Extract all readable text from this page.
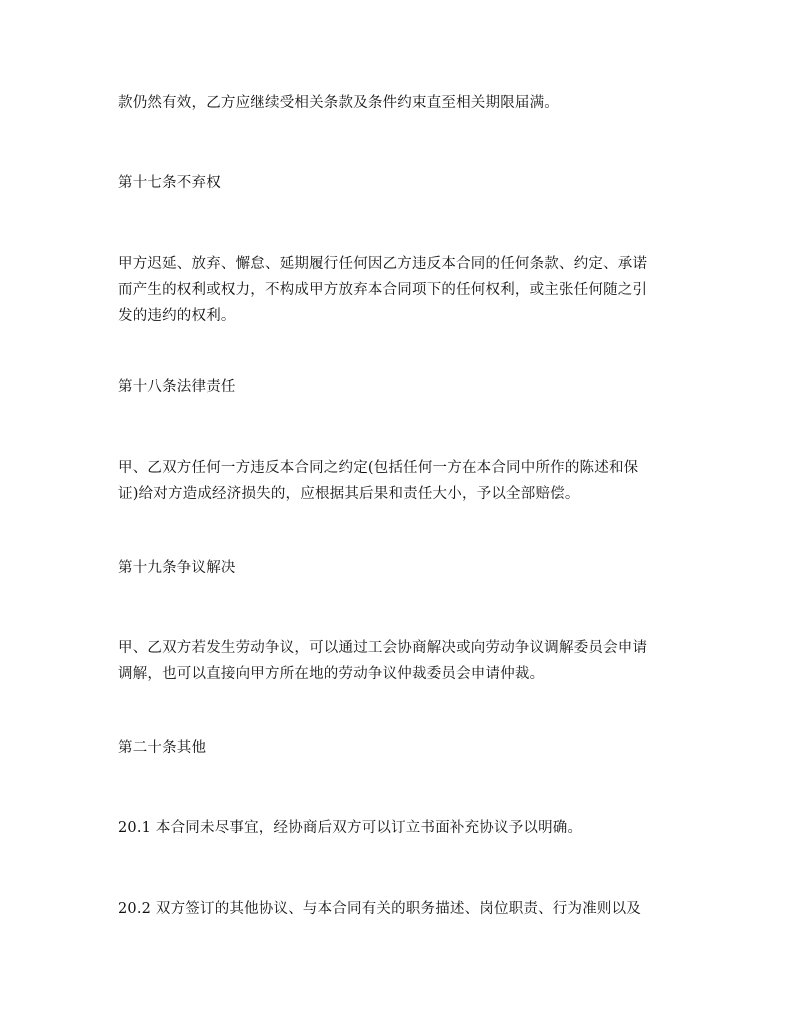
款仍然有效，乙方应继续受相关条款及条件约束直至相关期限届满。

第十七条不弃权

甲方迟延、放弃、懈怠、延期履行任何因乙方违反本合同的任何条款、约定、承诺
而产生的权利或权力，不构成甲方放弃本合同项下的任何权利，或主张任何随之引
发的违约的权利。

第十八条法律责任

甲、乙双方任何一方违反本合同之约定(包括任何一方在本合同中所作的陈述和保
证)给对方造成经济损失的，应根据其后果和责任大小，予以全部赔偿。

第十九条争议解决

甲、乙双方若发生劳动争议，可以通过工会协商解决或向劳动争议调解委员会申请
调解，也可以直接向甲方所在地的劳动争议仲裁委员会申请仲裁。

第二十条其他

20.1 本合同未尽事宜，经协商后双方可以订立书面补充协议予以明确。

20.2 双方签订的其他协议、与本合同有关的职务描述、岗位职责、行为准则以及
